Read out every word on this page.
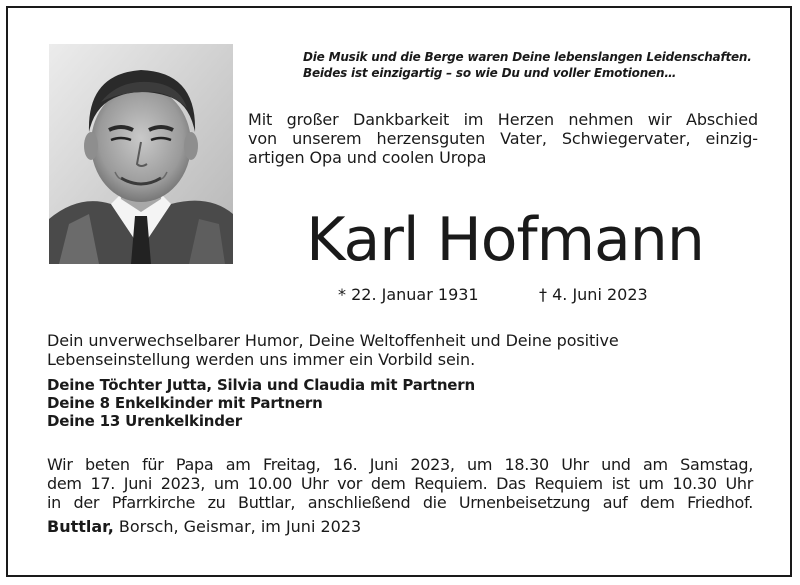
Die Musik und die Berge waren Deine lebenslangen Leidenschaften.
Beides ist einzigartig – so wie Du und voller Emotionen…
Mit großer Dankbarkeit im Herzen nehmen wir Abschied
von unserem herzensguten Vater, Schwiegervater, einzig-
artigen Opa und coolen Uropa
Karl Hofmann
* 22. Januar 1931	† 4. Juni 2023
Dein unverwechselbarer Humor, Deine Weltoffenheit und Deine positive
Lebenseinstellung werden uns immer ein Vorbild sein.
Deine Töchter Jutta, Silvia und Claudia mit Partnern
Deine 8 Enkelkinder mit Partnern
Deine 13 Urenkelkinder
Wir beten für Papa am Freitag, 16. Juni 2023, um 18.30 Uhr und am Samstag,
dem 17. Juni 2023, um 10.00 Uhr vor dem Requiem. Das Requiem ist um 10.30 Uhr
in der Pfarrkirche zu Buttlar, anschließend die Urnenbeisetzung auf dem Friedhof.
Buttlar, Borsch, Geismar, im Juni 2023
